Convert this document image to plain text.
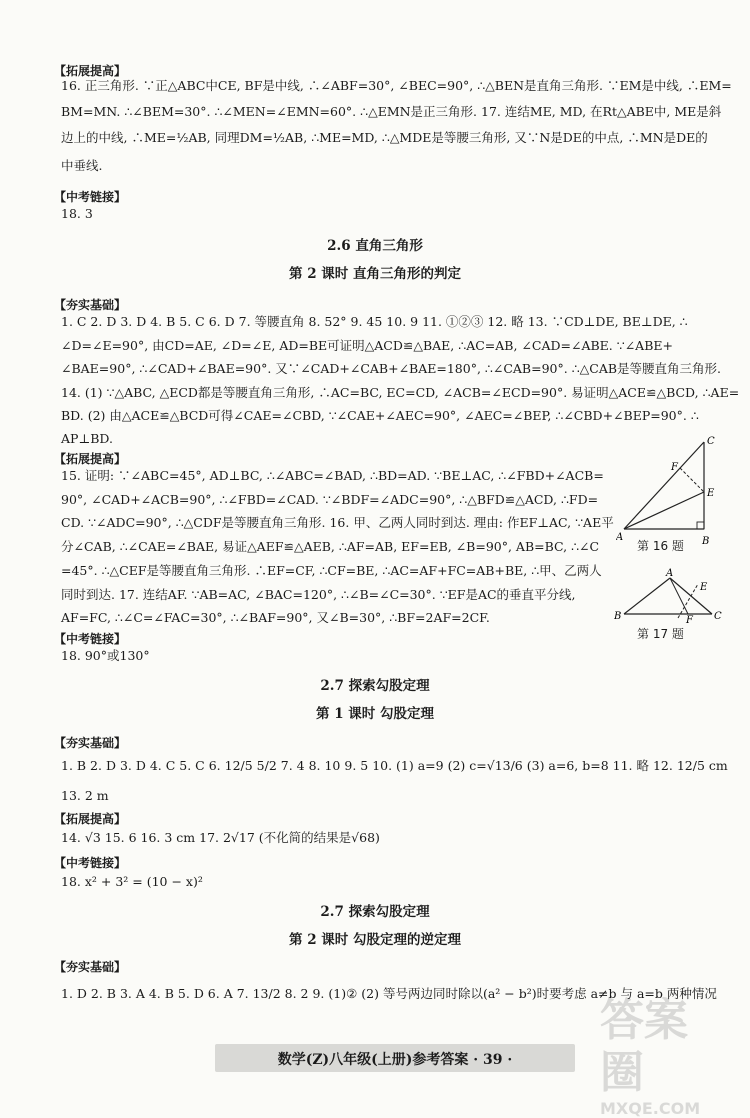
【拓展提高】
16. 正三角形. ∵正△ABC中CE, BF是中线, ∴∠ABF=30°, ∠BEC=90°, ∴△BEN是直角三角形. ∵EM是中线, ∴EM=
BM=MN. ∴∠BEM=30°. ∴∠MEN=∠EMN=60°. ∴△EMN是正三角形. 17. 连结ME, MD, 在Rt△ABE中, ME是斜
边上的中线, ∴ME=½AB, 同理DM=½AB, ∴ME=MD, ∴△MDE是等腰三角形, 又∵N是DE的中点, ∴MN是DE的
中垂线.
【中考链接】
18. 3
2.6 直角三角形
第 2 课时 直角三角形的判定
【夯实基础】
1. C 2. D 3. D 4. B 5. C 6. D 7. 等腰直角 8. 52° 9. 45 10. 9 11. ①②③ 12. 略 13. ∵CD⊥DE, BE⊥DE, ∴
∠D=∠E=90°, 由CD=AE, ∠D=∠E, AD=BE可证明△ACD≌△BAE, ∴AC=AB, ∠CAD=∠ABE. ∵∠ABE+
∠BAE=90°, ∴∠CAD+∠BAE=90°. 又∵∠CAD+∠CAB+∠BAE=180°, ∴∠CAB=90°. ∴△CAB是等腰直角三角形.
14. (1) ∵△ABC, △ECD都是等腰直角三角形, ∴AC=BC, EC=CD, ∠ACB=∠ECD=90°. 易证明△ACE≌△BCD, ∴AE=
BD. (2) 由△ACE≌△BCD可得∠CAE=∠CBD, ∵∠CAE+∠AEC=90°, ∠AEC=∠BEP, ∴∠CBD+∠BEP=90°. ∴
AP⊥BD.
【拓展提高】
15. 证明: ∵∠ABC=45°, AD⊥BC, ∴∠ABC=∠BAD, ∴BD=AD. ∵BE⊥AC, ∴∠FBD+∠ACB=
90°, ∠CAD+∠ACB=90°, ∴∠FBD=∠CAD. ∵∠BDF=∠ADC=90°, ∴△BFD≌△ACD, ∴FD=
CD. ∵∠ADC=90°, ∴△CDF是等腰直角三角形. 16. 甲、乙两人同时到达. 理由: 作EF⊥AC, ∵AE平
分∠CAB, ∴∠CAE=∠BAE, 易证△AEF≌△AEB, ∴AF=AB, EF=EB, ∠B=90°, AB=BC, ∴∠C
=45°. ∴△CEF是等腰直角三角形. ∴EF=CF, ∴CF=BE, ∴AC=AF+FC=AB+BE, ∴甲、乙两人
同时到达. 17. 连结AF. ∵AB=AC, ∠BAC=120°, ∴∠B=∠C=30°. ∵EF是AC的垂直平分线,
AF=FC, ∴∠C=∠FAC=30°, ∴∠BAF=90°, 又∠B=30°, ∴BF=2AF=2CF.
A	B
C
E
F
第 16 题
B
A
C
E
F
第 17 题
【中考链接】
18. 90°或130°
2.7 探索勾股定理
第 1 课时 勾股定理
【夯实基础】
1. B 2. D 3. D 4. C 5. C 6. 12/5 5/2 7. 4 8. 10 9. 5 10. (1) a=9 (2) c=√13/6 (3) a=6, b=8 11. 略 12. 12/5 cm
13. 2 m
【拓展提高】
14. √3 15. 6 16. 3 cm 17. 2√17 (不化简的结果是√68)
【中考链接】
18. x² + 3² = (10 − x)²
2.7 探索勾股定理
第 2 课时 勾股定理的逆定理
【夯实基础】
1. D 2. B 3. A 4. B 5. D 6. A 7. 13/2 8. 2 9. (1)② (2) 等号两边同时除以(a² − b²)时要考虑 a≠b 与 a=b 两种情况
数学(Z)八年级(上册)参考答案 · 39 ·
答案圈
MXQE.COM
